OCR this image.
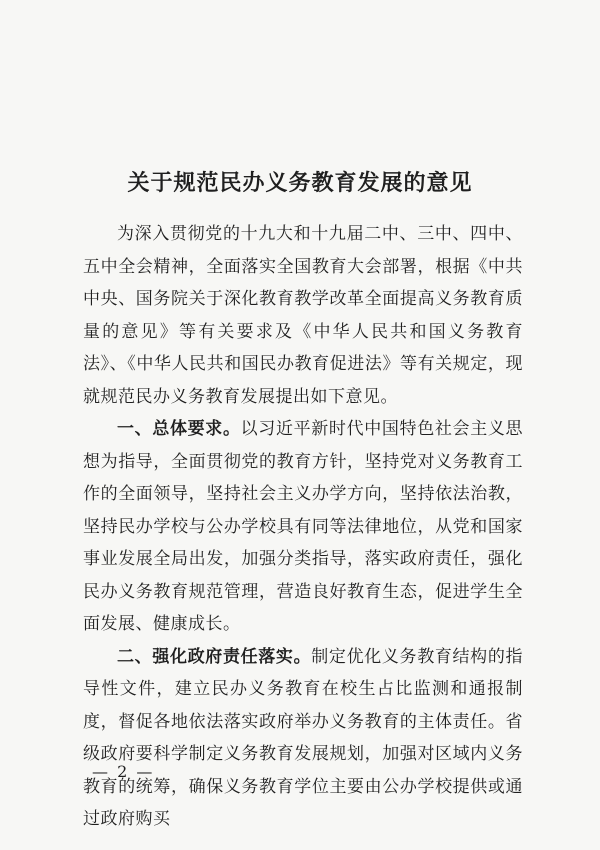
关于规范民办义务教育发展的意见

为深入贯彻党的十九大和十九届二中、三中、四中、五中全会精神，全面落实全国教育大会部署，根据《中共中央、国务院关于深化教育教学改革全面提高义务教育质量的意见》等有关要求及《中华人民共和国义务教育法》、《中华人民共和国民办教育促进法》等有关规定，现就规范民办义务教育发展提出如下意见。

一、总体要求。以习近平新时代中国特色社会主义思想为指导，全面贯彻党的教育方针，坚持党对义务教育工作的全面领导，坚持社会主义办学方向，坚持依法治教，坚持民办学校与公办学校具有同等法律地位，从党和国家事业发展全局出发，加强分类指导，落实政府责任，强化民办义务教育规范管理，营造良好教育生态，促进学生全面发展、健康成长。

二、强化政府责任落实。制定优化义务教育结构的指导性文件，建立民办义务教育在校生占比监测和通报制度，督促各地依法落实政府举办义务教育的主体责任。省级政府要科学制定义务教育发展规划，加强对区域内义务教育的统筹，确保义务教育学位主要由公办学校提供或通过政府购买

— 2 —
